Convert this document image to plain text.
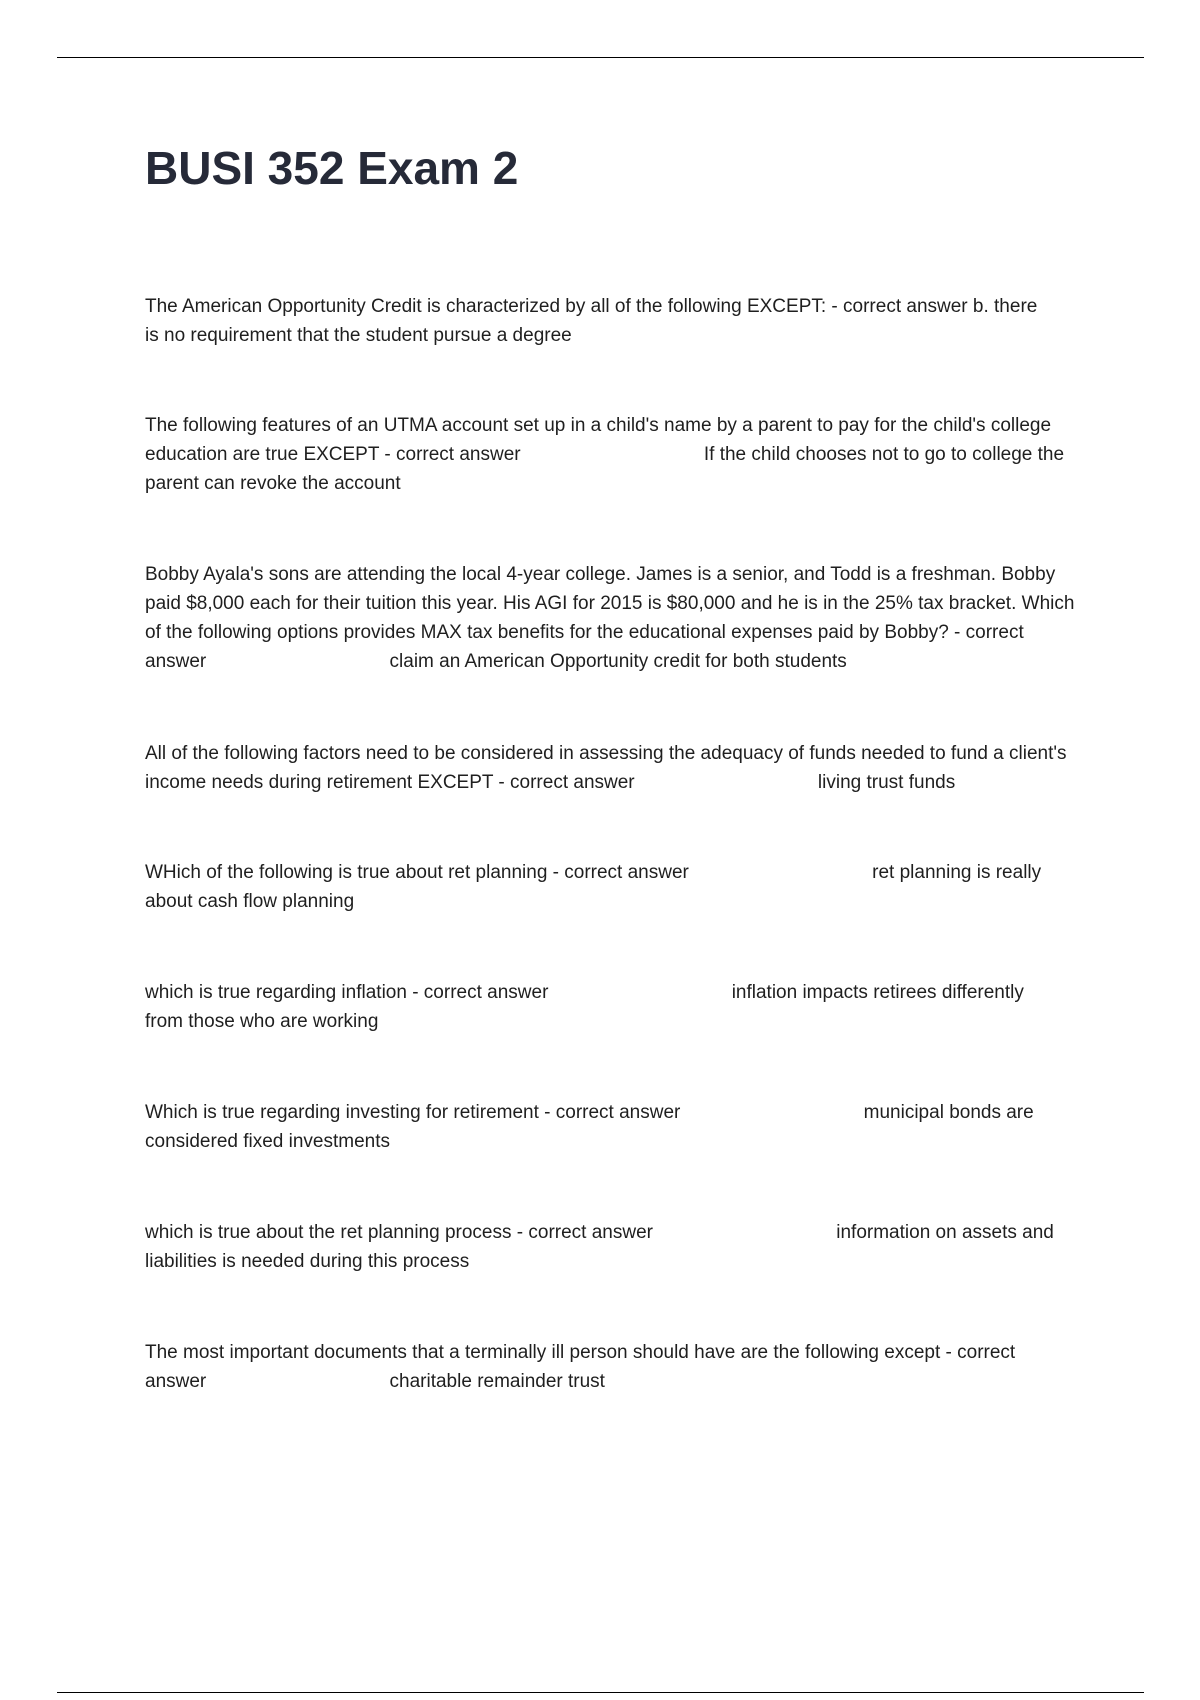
BUSI 352 Exam 2

The American Opportunity Credit is characterized by all of the following EXCEPT: - correct answer b. there is no requirement that the student pursue a degree

The following features of an UTMA account set up in a child's name by a parent to pay for the child's college education are true EXCEPT - correct answer	If the child chooses not to go to college the parent can revoke the account

Bobby Ayala's sons are attending the local 4-year college. James is a senior, and Todd is a freshman. Bobby paid $8,000 each for their tuition this year. His AGI for 2015 is $80,000 and he is in the 25% tax bracket. Which of the following options provides MAX tax benefits for the educational expenses paid by Bobby? - correct answer	claim an American Opportunity credit for both students

All of the following factors need to be considered in assessing the adequacy of funds needed to fund a client's income needs during retirement EXCEPT - correct answer	living trust funds

WHich of the following is true about ret planning - correct answer	ret planning is really about cash flow planning

which is true regarding inflation - correct answer	inflation impacts retirees differently from those who are working

Which is true regarding investing for retirement - correct answer	municipal bonds are considered fixed investments

which is true about the ret planning process - correct answer	information on assets and liabilities is needed during this process

The most important documents that a terminally ill person should have are the following except - correct answer	charitable remainder trust
